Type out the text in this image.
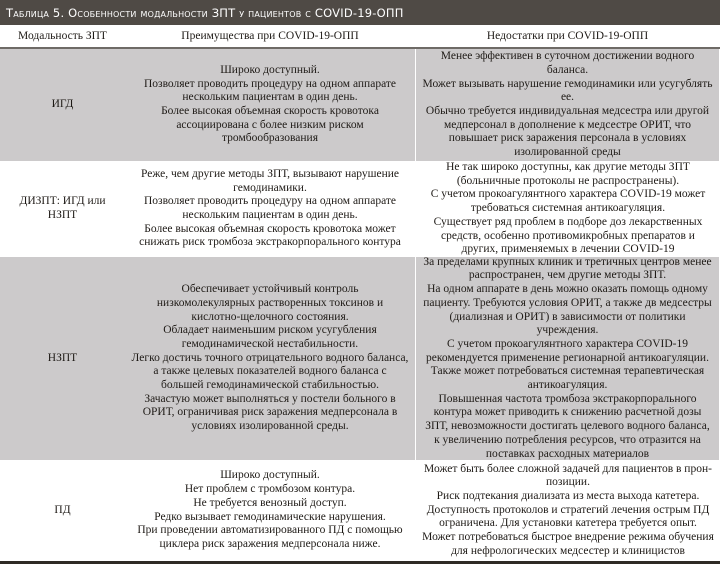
Таблица 5. Особенности модальности ЗПТ у пациентов с COVID-19-ОПП
Модальность ЗПТ	Преимущества при COVID-19-ОПП	Недостатки при COVID-19-ОПП
ИГД
Широко доступный.
Позволяет проводить процедуру на одном аппарате нескольким пациентам в один день.
Более высокая объемная скорость кровотока ассоциирована с более низким риском тромбообразования
Менее эффективен в суточном достижении водного баланса.
Может вызывать нарушение гемодинамики или усугублять ее.
Обычно требуется индивидуальная медсестра или другой медперсонал в дополнение к медсестре ОРИТ, что повышает риск заражения персонала в условиях изолированной среды
ДИЗПТ: ИГД или НЗПТ
Реже, чем другие методы ЗПТ, вызывают нарушение гемодинамики.
Позволяет проводить процедуру на одном аппарате нескольким пациентам в один день.
Более высокая объемная скорость кровотока может снижать риск тромбоза экстракорпорального контура
Не так широко доступны, как другие методы ЗПТ (больничные протоколы не распространены).
С учетом прокоагулянтного характера COVID-19 может требоваться системная антикоагуляция.
Существует ряд проблем в подборе доз лекарственных средств, особенно противомикробных препаратов и других, применяемых в лечении COVID-19
НЗПТ
Обеспечивает устойчивый контроль низкомолекулярных растворенных токсинов и кислотно-щелочного состояния.
Обладает наименьшим риском усугубления гемодинамической нестабильности.
Легко достичь точного отрицательного водного баланса, а также целевых показателей водного баланса с большей гемодинамической стабильностью.
Зачастую может выполняться у постели больного в ОРИТ, ограничивая риск заражения медперсонала в условиях изолированной среды.
За пределами крупных клиник и третичных центров менее распространен, чем другие методы ЗПТ.
На одном аппарате в день можно оказать помощь одному пациенту. Требуются условия ОРИТ, а также дв медсестры (диализная и ОРИТ) в зависимости от политики учреждения.
С учетом прокоагулянтного характера COVID-19 рекомендуется применение регионарной антикоагуляции.
Также может потребоваться системная терапевтическая антикоагуляция.
Повышенная частота тромбоза экстракорпорального контура может приводить к снижению расчетной дозы ЗПТ, невозможности достигать целевого водного баланса, к увеличению потребления ресурсов, что отразится на поставках расходных материалов
ПД
Широко доступный.
Нет проблем с тромбозом контура.
Не требуется венозный доступ.
Редко вызывает гемодинамические нарушения.
При проведении автоматизированного ПД с помощью циклера риск заражения медперсонала ниже.
Может быть более сложной задачей для пациентов в прон-позиции.
Риск подтекания диализата из места выхода катетера.
Доступность протоколов и стратегий лечения острым ПД ограничена. Для установки катетера требуется опыт.
Может потребоваться быстрое внедрение режима обучения для нефрологических медсестер и клиницистов
